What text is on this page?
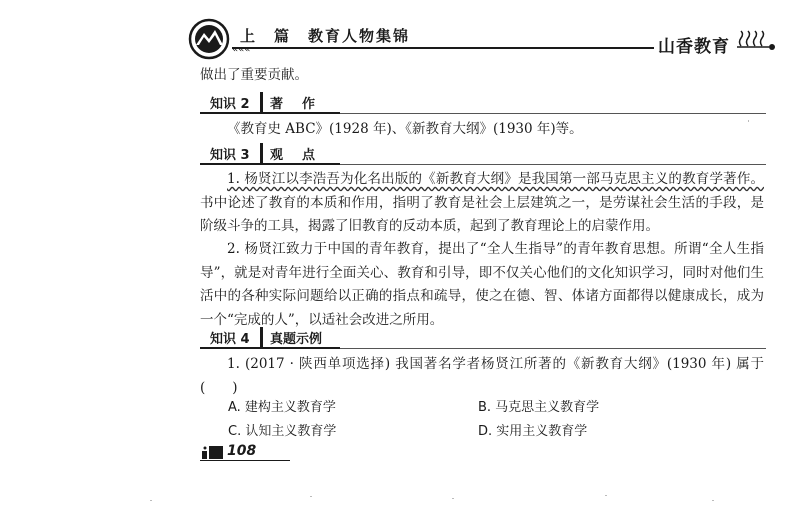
上　篇　教育人物集锦
«««	山香教育
做出了重要贡献。
知识 2 著　作
《教育史 ABC》(1928 年)、《新教育大纲》(1930 年)等。
知识 3 观　点
1. 杨贤江以李浩吾为化名出版的《新教育大纲》是我国第一部马克思主义的教育学著作。书中论述了教育的本质和作用，指明了教育是社会上层建筑之一，是劳谋社会生活的手段，是阶级斗争的工具，揭露了旧教育的反动本质，起到了教育理论上的启蒙作用。
2. 杨贤江致力于中国的青年教育，提出了“全人生指导”的青年教育思想。所谓“全人生指导”，就是对青年进行全面关心、教育和引导，即不仅关心他们的文化知识学习，同时对他们生活中的各种实际问题给以正确的指点和疏导，使之在德、智、体诸方面都得以健康成长，成为一个“完成的人”，以适社会改进之所用。
知识 4 真题示例
1. (2017 · 陕西单项选择) 我国著名学者杨贤江所著的《新教育大纲》(1930 年) 属于(　　)
A. 建构主义教育学	B. 马克思主义教育学
C. 认知主义教育学	D. 实用主义教育学
108
